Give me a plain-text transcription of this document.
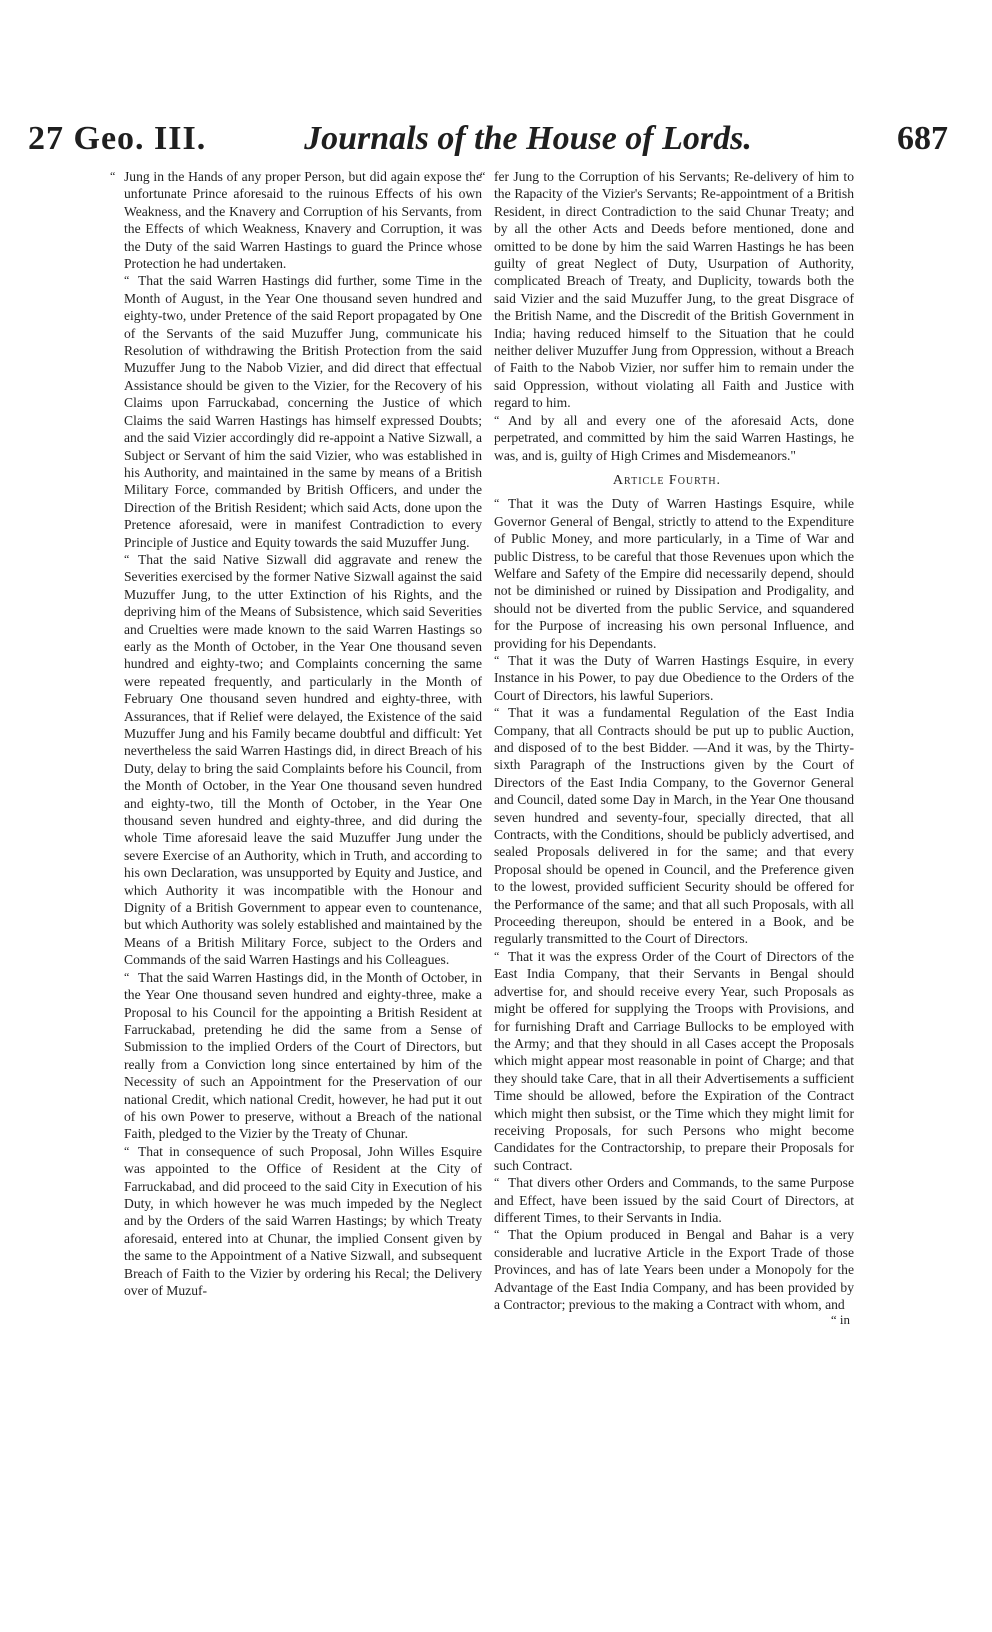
27 Geo. III.	Journals of the House of Lords.	687

“ Jung in the Hands of any proper Person, but did again expose the unfortunate Prince aforesaid to the ruinous Effects of his own Weakness, and the Knavery and Corruption of his Servants, from the Effects of which Weakness, Knavery and Corruption, it was the Duty of the said Warren Hastings to guard the Prince whose Protection he had undertaken.

“ That the said Warren Hastings did further, some Time in the Month of August, in the Year One thousand seven hundred and eighty-two, under Pretence of the said Report propagated by One of the Servants of the said Muzuffer Jung, communicate his Resolution of withdrawing the British Protection from the said Muzuffer Jung to the Nabob Vizier, and did direct that effectual Assistance should be given to the Vizier, for the Recovery of his Claims upon Farruckabad, concerning the Justice of which Claims the said Warren Hastings has himself expressed Doubts; and the said Vizier accordingly did re-appoint a Native Sizwall, a Subject or Servant of him the said Vizier, who was established in his Authority, and maintained in the same by means of a British Military Force, commanded by British Officers, and under the Direction of the British Resident; which said Acts, done upon the Pretence aforesaid, were in manifest Contradiction to every Principle of Justice and Equity towards the said Muzuffer Jung.

“ That the said Native Sizwall did aggravate and renew the Severities exercised by the former Native Sizwall against the said Muzuffer Jung, to the utter Extinction of his Rights, and the depriving him of the Means of Subsistence, which said Severities and Cruelties were made known to the said Warren Hastings so early as the Month of October, in the Year One thousand seven hundred and eighty-two; and Complaints concerning the same were repeated frequently, and particularly in the Month of February One thousand seven hundred and eighty-three, with Assurances, that if Relief were delayed, the Existence of the said Muzuffer Jung and his Family became doubtful and difficult: Yet nevertheless the said Warren Hastings did, in direct Breach of his Duty, delay to bring the said Complaints before his Council, from the Month of October, in the Year One thousand seven hundred and eighty-two, till the Month of October, in the Year One thousand seven hundred and eighty-three, and did during the whole Time aforesaid leave the said Muzuffer Jung under the severe Exercise of an Authority, which in Truth, and according to his own Declaration, was unsupported by Equity and Justice, and which Authority it was incompatible with the Honour and Dignity of a British Government to appear even to countenance, but which Authority was solely established and maintained by the Means of a British Military Force, subject to the Orders and Commands of the said Warren Hastings and his Colleagues.

“ That the said Warren Hastings did, in the Month of October, in the Year One thousand seven hundred and eighty-three, make a Proposal to his Council for the appointing a British Resident at Farruckabad, pretending he did the same from a Sense of Submission to the implied Orders of the Court of Directors, but really from a Conviction long since entertained by him of the Necessity of such an Appointment for the Preservation of our national Credit, which national Credit, however, he had put it out of his own Power to preserve, without a Breach of the national Faith, pledged to the Vizier by the Treaty of Chunar.

“ That in consequence of such Proposal, John Willes Esquire was appointed to the Office of Resident at the City of Farruckabad, and did proceed to the said City in Execution of his Duty, in which however he was much impeded by the Neglect and by the Orders of the said Warren Hastings; by which Treaty aforesaid, entered into at Chunar, the implied Consent given by the same to the Appointment of a Native Sizwall, and subsequent Breach of Faith to the Vizier by ordering his Recal; the Delivery over of Muzuf-

“ fer Jung to the Corruption of his Servants; Re-delivery of him to the Rapacity of the Vizier's Servants; Re-appointment of a British Resident, in direct Contradiction to the said Chunar Treaty; and by all the other Acts and Deeds before mentioned, done and omitted to be done by him the said Warren Hastings he has been guilty of great Neglect of Duty, Usurpation of Authority, complicated Breach of Treaty, and Duplicity, towards both the said Vizier and the said Muzuffer Jung, to the great Disgrace of the British Name, and the Discredit of the British Government in India; having reduced himself to the Situation that he could neither deliver Muzuffer Jung from Oppression, without a Breach of Faith to the Nabob Vizier, nor suffer him to remain under the said Oppression, without violating all Faith and Justice with regard to him.

“ And by all and every one of the aforesaid Acts, done perpetrated, and committed by him the said Warren Hastings, he was, and is, guilty of High Crimes and Misdemeanors."

Article Fourth.

“ That it was the Duty of Warren Hastings Esquire, while Governor General of Bengal, strictly to attend to the Expenditure of Public Money, and more particularly, in a Time of War and public Distress, to be careful that those Revenues upon which the Welfare and Safety of the Empire did necessarily depend, should not be diminished or ruined by Dissipation and Prodigality, and should not be diverted from the public Service, and squandered for the Purpose of increasing his own personal Influence, and providing for his Dependants.

“ That it was the Duty of Warren Hastings Esquire, in every Instance in his Power, to pay due Obedience to the Orders of the Court of Directors, his lawful Superiors.

“ That it was a fundamental Regulation of the East India Company, that all Contracts should be put up to public Auction, and disposed of to the best Bidder. —And it was, by the Thirty-sixth Paragraph of the Instructions given by the Court of Directors of the East India Company, to the Governor General and Council, dated some Day in March, in the Year One thousand seven hundred and seventy-four, specially directed, that all Contracts, with the Conditions, should be publicly advertised, and sealed Proposals delivered in for the same; and that every Proposal should be opened in Council, and the Preference given to the lowest, provided sufficient Security should be offered for the Performance of the same; and that all such Proposals, with all Proceeding thereupon, should be entered in a Book, and be regularly transmitted to the Court of Directors.

“ That it was the express Order of the Court of Directors of the East India Company, that their Servants in Bengal should advertise for, and should receive every Year, such Proposals as might be offered for supplying the Troops with Provisions, and for furnishing Draft and Carriage Bullocks to be employed with the Army; and that they should in all Cases accept the Proposals which might appear most reasonable in point of Charge; and that they should take Care, that in all their Advertisements a sufficient Time should be allowed, before the Expiration of the Contract which might then subsist, or the Time which they might limit for receiving Proposals, for such Persons who might become Candidates for the Contractorship, to prepare their Proposals for such Contract.

“ That divers other Orders and Commands, to the same Purpose and Effect, have been issued by the said Court of Directors, at different Times, to their Servants in India.

“ That the Opium produced in Bengal and Bahar is a very considerable and lucrative Article in the Export Trade of those Provinces, and has of late Years been under a Monopoly for the Advantage of the East India Company, and has been provided by a Contractor; previous to the making a Contract with whom, and

“ in
